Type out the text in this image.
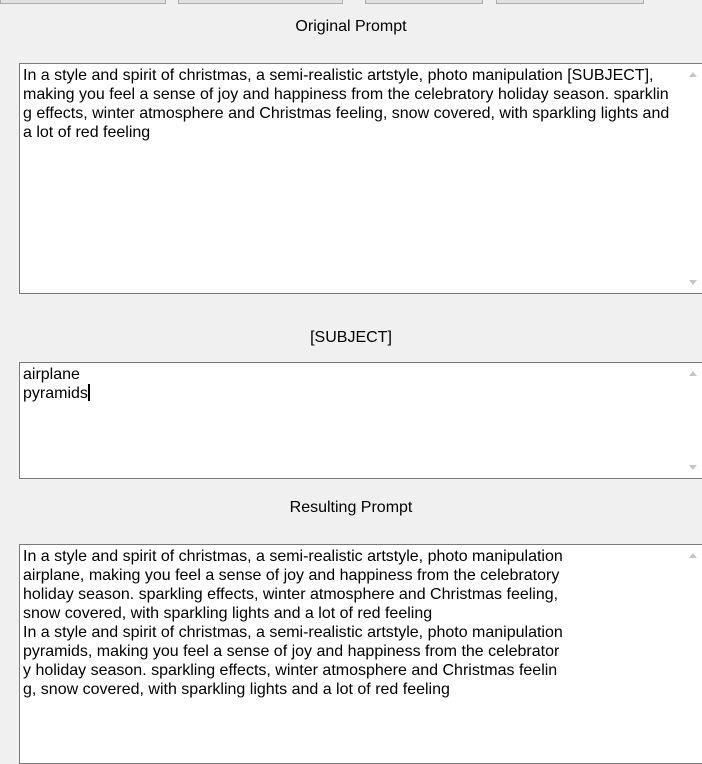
Original Prompt
In a style and spirit of christmas, a semi-realistic artstyle, photo manipulation [SUBJECT], making you feel a sense of joy and happiness from the celebratory holiday season. sparkling effects, winter atmosphere and Christmas feeling, snow covered, with sparkling lights and a lot of red feeling
[SUBJECT]
airplane
pyramids
Resulting Prompt
In a style and spirit of christmas, a semi-realistic artstyle, photo manipulation
airplane, making you feel a sense of joy and happiness from the celebratory
holiday season. sparkling effects, winter atmosphere and Christmas feeling,
snow covered, with sparkling lights and a lot of red feeling
In a style and spirit of christmas, a semi-realistic artstyle, photo manipulation
pyramids, making you feel a sense of joy and happiness from the celebrator
y holiday season. sparkling effects, winter atmosphere and Christmas feelin
g, snow covered, with sparkling lights and a lot of red feeling
